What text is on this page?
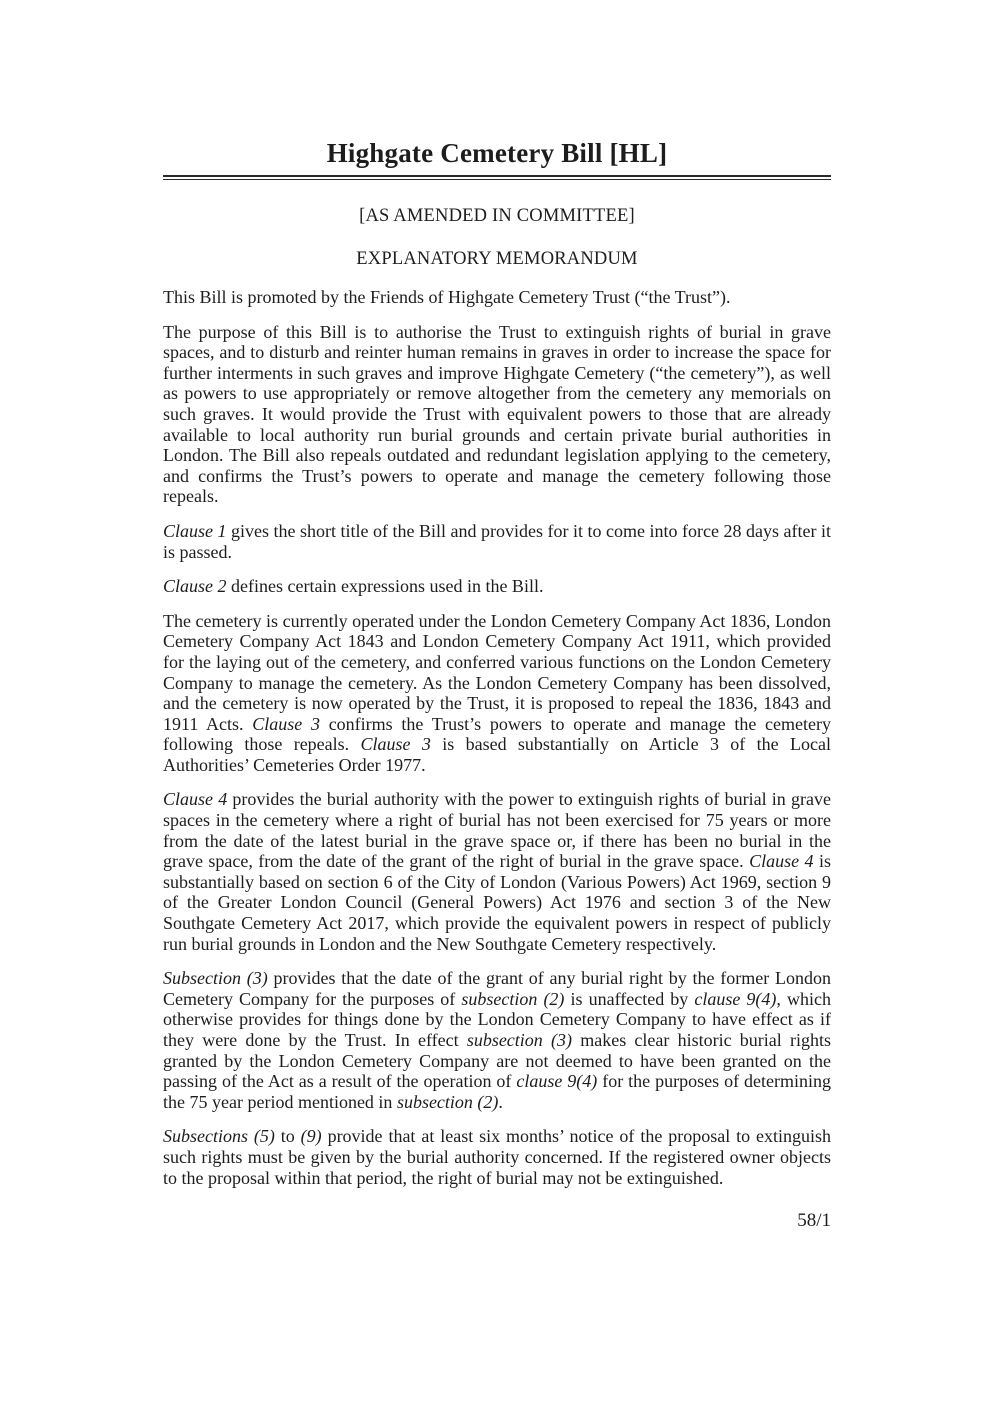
Highgate Cemetery Bill [HL]
[AS AMENDED IN COMMITTEE]
EXPLANATORY MEMORANDUM

This Bill is promoted by the Friends of Highgate Cemetery Trust (“the Trust”).

The purpose of this Bill is to authorise the Trust to extinguish rights of burial in grave spaces, and to disturb and reinter human remains in graves in order to increase the space for further interments in such graves and improve Highgate Cemetery (“the cemetery”), as well as powers to use appropriately or remove altogether from the cemetery any memorials on such graves. It would provide the Trust with equivalent powers to those that are already available to local authority run burial grounds and certain private burial authorities in London. The Bill also repeals outdated and redundant legislation applying to the cemetery, and confirms the Trust’s powers to operate and manage the cemetery following those repeals.

Clause 1 gives the short title of the Bill and provides for it to come into force 28 days after it is passed.

Clause 2 defines certain expressions used in the Bill.

The cemetery is currently operated under the London Cemetery Company Act 1836, London Cemetery Company Act 1843 and London Cemetery Company Act 1911, which provided for the laying out of the cemetery, and conferred various functions on the London Cemetery Company to manage the cemetery. As the London Cemetery Company has been dissolved, and the cemetery is now operated by the Trust, it is proposed to repeal the 1836, 1843 and 1911 Acts. Clause 3 confirms the Trust’s powers to operate and manage the cemetery following those repeals. Clause 3 is based substantially on Article 3 of the Local Authorities’ Cemeteries Order 1977.

Clause 4 provides the burial authority with the power to extinguish rights of burial in grave spaces in the cemetery where a right of burial has not been exercised for 75 years or more from the date of the latest burial in the grave space or, if there has been no burial in the grave space, from the date of the grant of the right of burial in the grave space. Clause 4 is substantially based on section 6 of the City of London (Various Powers) Act 1969, section 9 of the Greater London Council (General Powers) Act 1976 and section 3 of the New Southgate Cemetery Act 2017, which provide the equivalent powers in respect of publicly run burial grounds in London and the New Southgate Cemetery respectively.

Subsection (3) provides that the date of the grant of any burial right by the former London Cemetery Company for the purposes of subsection (2) is unaffected by clause 9(4), which otherwise provides for things done by the London Cemetery Company to have effect as if they were done by the Trust. In effect subsection (3) makes clear historic burial rights granted by the London Cemetery Company are not deemed to have been granted on the passing of the Act as a result of the operation of clause 9(4) for the purposes of determining the 75 year period mentioned in subsection (2).

Subsections (5) to (9) provide that at least six months’ notice of the proposal to extinguish such rights must be given by the burial authority concerned. If the registered owner objects to the proposal within that period, the right of burial may not be extinguished.

58/1
